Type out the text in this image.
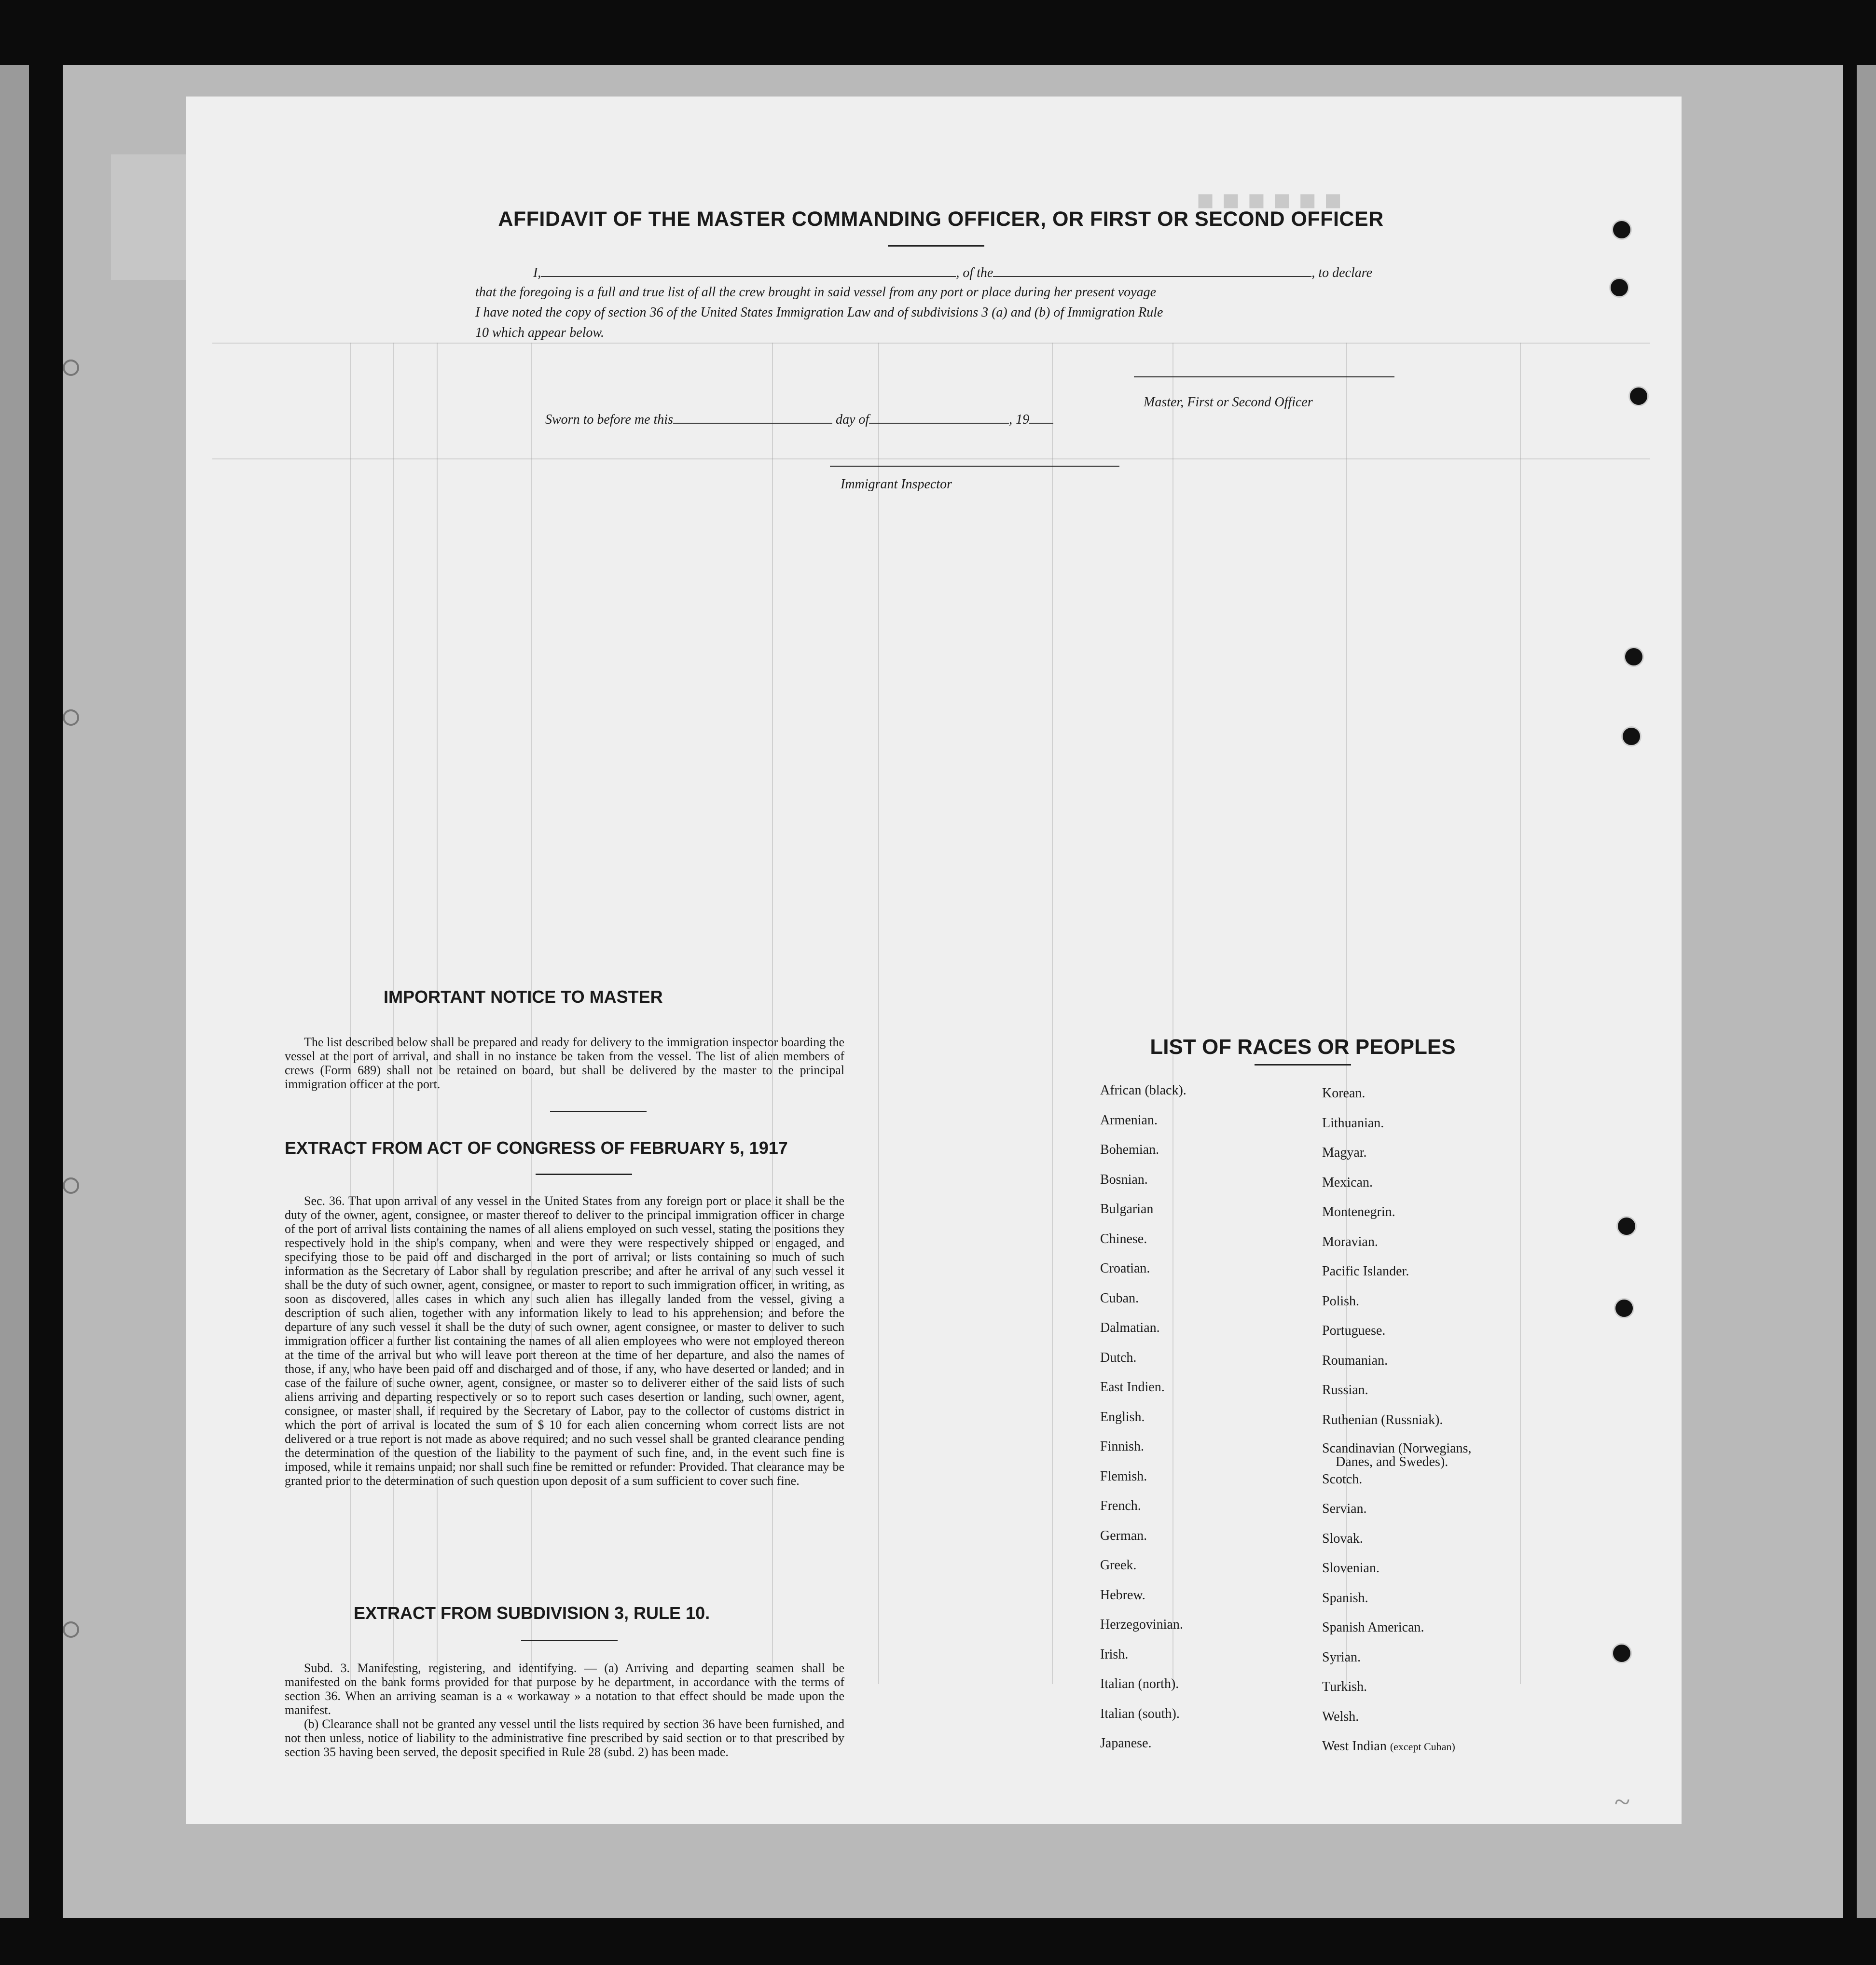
■ ■ ■ ■ ■ ■
AFFIDAVIT OF THE MASTER COMMANDING OFFICER, OR FIRST OR SECOND OFFICER
I,	, of the	, to declare
that the foregoing is a full and true list of all the crew brought in said vessel from any port or place during her present voyage
I have noted the copy of section 36 of the United States Immigration Law and of subdivisions 3 (a) and (b) of Immigration Rule
10 which appear below.
Master, First or Second Officer
Sworn to before me this	day of	, 19
Immigrant Inspector
IMPORTANT NOTICE TO MASTER

The list described below shall be prepared and ready for delivery to the immigration inspector boarding the vessel at the port of arrival, and shall in no instance be taken from the vessel. The list of alien members of crews (Form 689) shall not be retained on board, but shall be delivered by the master to the principal immigration officer at the port.

EXTRACT FROM ACT OF CONGRESS OF FEBRUARY 5, 1917

Sec. 36. That upon arrival of any vessel in the United States from any foreign port or place it shall be the duty of the owner, agent, consignee, or master thereof to deliver to the principal immigration officer in charge of the port of arrival lists containing the names of all aliens employed on such vessel, stating the positions they respectively hold in the ship's company, when and were they were respectively shipped or engaged, and specifying those to be paid off and discharged in the port of arrival; or lists containing so much of such information as the Secretary of Labor shall by regulation prescribe; and after he arrival of any such vessel it shall be the duty of such owner, agent, consignee, or master to report to such immigration officer, in writing, as soon as discovered, alles cases in which any such alien has illegally landed from the vessel, giving a description of such alien, together with any information likely to lead to his apprehension; and before the departure of any such vessel it shall be the duty of such owner, agent consignee, or master to deliver to such immigration officer a further list containing the names of all alien employees who were not employed thereon at the time of the arrival but who will leave port thereon at the time of her departure, and also the names of those, if any, who have been paid off and discharged and of those, if any, who have deserted or landed; and in case of the failure of suche owner, agent, consignee, or master so to deliverer either of the said lists of such aliens arriving and departing respectively or so to report such cases desertion or landing, such owner, agent, consignee, or master shall, if required by the Secretary of Labor, pay to the collector of customs district in which the port of arrival is located the sum of $ 10 for each alien concerning whom correct lists are not delivered or a true report is not made as above required; and no such vessel shall be granted clearance pending the determination of the question of the liability to the payment of such fine, and, in the event such fine is imposed, while it remains unpaid; nor shall such fine be remitted or refunder: Provided. That clearance may be granted prior to the determination of such question upon deposit of a sum sufficient to cover such fine.

EXTRACT FROM SUBDIVISION 3, RULE 10.

Subd. 3. Manifesting, registering, and identifying. — (a) Arriving and departing seamen shall be manifested on the bank forms provided for that purpose by he department, in accordance with the terms of section 36. When an arriving seaman is a « workaway » a notation to that effect should be made upon the manifest.

(b) Clearance shall not be granted any vessel until the lists required by section 36 have been furnished, and not then unless, notice of liability to the administrative fine prescribed by said section or to that prescribed by section 35 having been served, the deposit specified in Rule 28 (subd. 2) has been made.

LIST OF RACES OR PEOPLES
African (black).
Armenian.
Bohemian.
Bosnian.
Bulgarian
Chinese.
Croatian.
Cuban.
Dalmatian.
Dutch.
East Indien.
English.
Finnish.
Flemish.
French.
German.
Greek.
Hebrew.
Herzegovinian.
Irish.
Italian (north).
Italian (south).
Japanese.
Korean.
Lithuanian.
Magyar.
Mexican.
Montenegrin.
Moravian.
Pacific Islander.
Polish.
Portuguese.
Roumanian.
Russian.
Ruthenian (Russniak).
Scandinavian (Norwegians,
Danes, and Swedes).
Scotch.
Servian.
Slovak.
Slovenian.
Spanish.
Spanish American.
Syrian.
Turkish.
Welsh.
West Indian (except Cuban)
~
